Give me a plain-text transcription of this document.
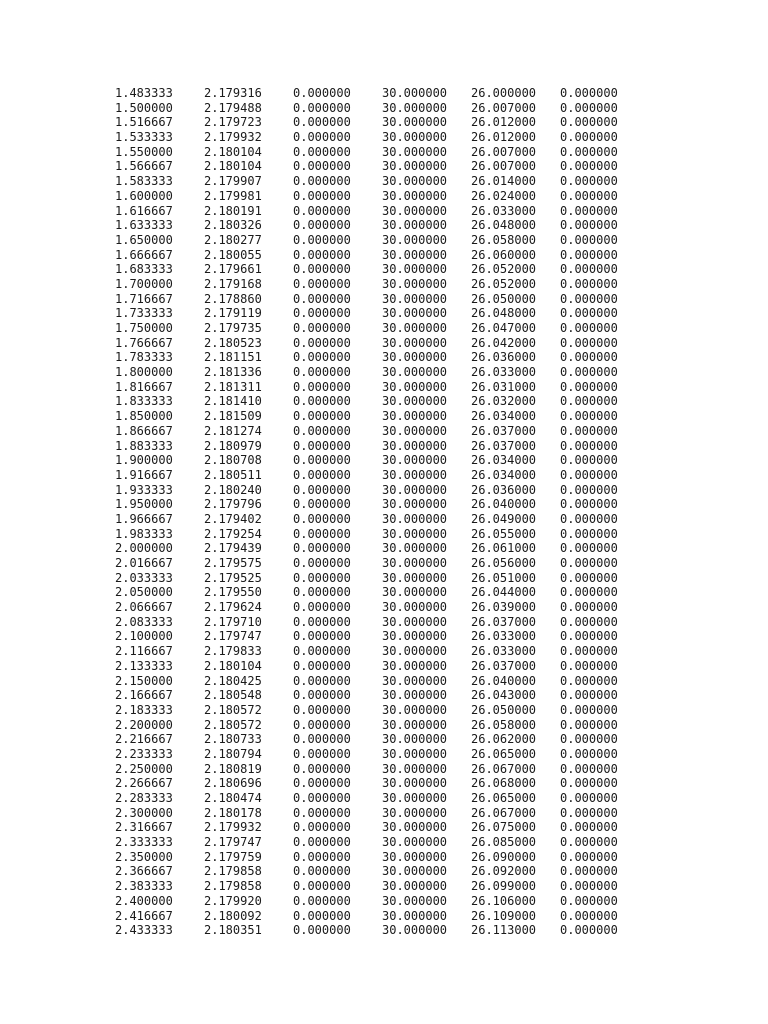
1.483333	2.179316	0.000000	30.000000	26.000000	0.000000
1.500000	2.179488	0.000000	30.000000	26.007000	0.000000
1.516667	2.179723	0.000000	30.000000	26.012000	0.000000
1.533333	2.179932	0.000000	30.000000	26.012000	0.000000
1.550000	2.180104	0.000000	30.000000	26.007000	0.000000
1.566667	2.180104	0.000000	30.000000	26.007000	0.000000
1.583333	2.179907	0.000000	30.000000	26.014000	0.000000
1.600000	2.179981	0.000000	30.000000	26.024000	0.000000
1.616667	2.180191	0.000000	30.000000	26.033000	0.000000
1.633333	2.180326	0.000000	30.000000	26.048000	0.000000
1.650000	2.180277	0.000000	30.000000	26.058000	0.000000
1.666667	2.180055	0.000000	30.000000	26.060000	0.000000
1.683333	2.179661	0.000000	30.000000	26.052000	0.000000
1.700000	2.179168	0.000000	30.000000	26.052000	0.000000
1.716667	2.178860	0.000000	30.000000	26.050000	0.000000
1.733333	2.179119	0.000000	30.000000	26.048000	0.000000
1.750000	2.179735	0.000000	30.000000	26.047000	0.000000
1.766667	2.180523	0.000000	30.000000	26.042000	0.000000
1.783333	2.181151	0.000000	30.000000	26.036000	0.000000
1.800000	2.181336	0.000000	30.000000	26.033000	0.000000
1.816667	2.181311	0.000000	30.000000	26.031000	0.000000
1.833333	2.181410	0.000000	30.000000	26.032000	0.000000
1.850000	2.181509	0.000000	30.000000	26.034000	0.000000
1.866667	2.181274	0.000000	30.000000	26.037000	0.000000
1.883333	2.180979	0.000000	30.000000	26.037000	0.000000
1.900000	2.180708	0.000000	30.000000	26.034000	0.000000
1.916667	2.180511	0.000000	30.000000	26.034000	0.000000
1.933333	2.180240	0.000000	30.000000	26.036000	0.000000
1.950000	2.179796	0.000000	30.000000	26.040000	0.000000
1.966667	2.179402	0.000000	30.000000	26.049000	0.000000
1.983333	2.179254	0.000000	30.000000	26.055000	0.000000
2.000000	2.179439	0.000000	30.000000	26.061000	0.000000
2.016667	2.179575	0.000000	30.000000	26.056000	0.000000
2.033333	2.179525	0.000000	30.000000	26.051000	0.000000
2.050000	2.179550	0.000000	30.000000	26.044000	0.000000
2.066667	2.179624	0.000000	30.000000	26.039000	0.000000
2.083333	2.179710	0.000000	30.000000	26.037000	0.000000
2.100000	2.179747	0.000000	30.000000	26.033000	0.000000
2.116667	2.179833	0.000000	30.000000	26.033000	0.000000
2.133333	2.180104	0.000000	30.000000	26.037000	0.000000
2.150000	2.180425	0.000000	30.000000	26.040000	0.000000
2.166667	2.180548	0.000000	30.000000	26.043000	0.000000
2.183333	2.180572	0.000000	30.000000	26.050000	0.000000
2.200000	2.180572	0.000000	30.000000	26.058000	0.000000
2.216667	2.180733	0.000000	30.000000	26.062000	0.000000
2.233333	2.180794	0.000000	30.000000	26.065000	0.000000
2.250000	2.180819	0.000000	30.000000	26.067000	0.000000
2.266667	2.180696	0.000000	30.000000	26.068000	0.000000
2.283333	2.180474	0.000000	30.000000	26.065000	0.000000
2.300000	2.180178	0.000000	30.000000	26.067000	0.000000
2.316667	2.179932	0.000000	30.000000	26.075000	0.000000
2.333333	2.179747	0.000000	30.000000	26.085000	0.000000
2.350000	2.179759	0.000000	30.000000	26.090000	0.000000
2.366667	2.179858	0.000000	30.000000	26.092000	0.000000
2.383333	2.179858	0.000000	30.000000	26.099000	0.000000
2.400000	2.179920	0.000000	30.000000	26.106000	0.000000
2.416667	2.180092	0.000000	30.000000	26.109000	0.000000
2.433333	2.180351	0.000000	30.000000	26.113000	0.000000
